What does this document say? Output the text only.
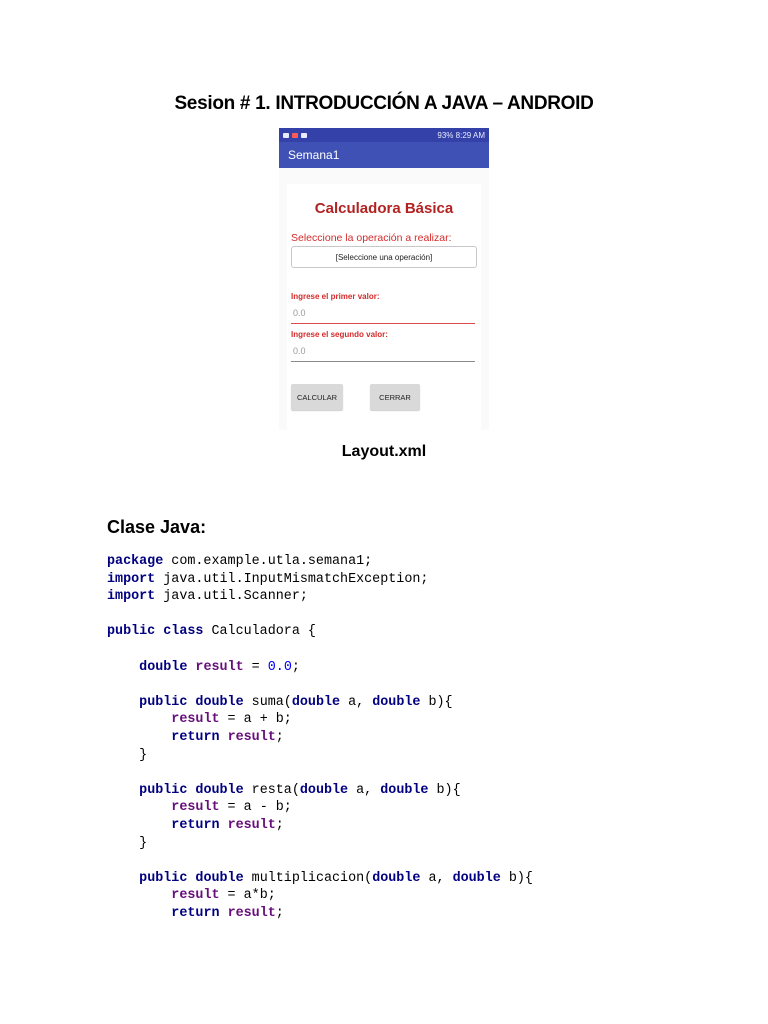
Sesion # 1. INTRODUCCIÓN A JAVA – ANDROID
93% 8:29 AM
Semana1
Calculadora Básica
Seleccione la operación a realizar:
[Seleccione una operación]
Ingrese el primer valor:
0.0
Ingrese el segundo valor:
0.0
CALCULAR	CERRAR
Layout.xml
Clase Java:
package com.example.utla.semana1;
import java.util.InputMismatchException;
import java.util.Scanner;
public class Calculadora {
double result = 0.0;
public double suma(double a, double b){
result = a + b;
return result;
}
public double resta(double a, double b){
result = a - b;
return result;
}
public double multiplicacion(double a, double b){
result = a*b;
return result;
